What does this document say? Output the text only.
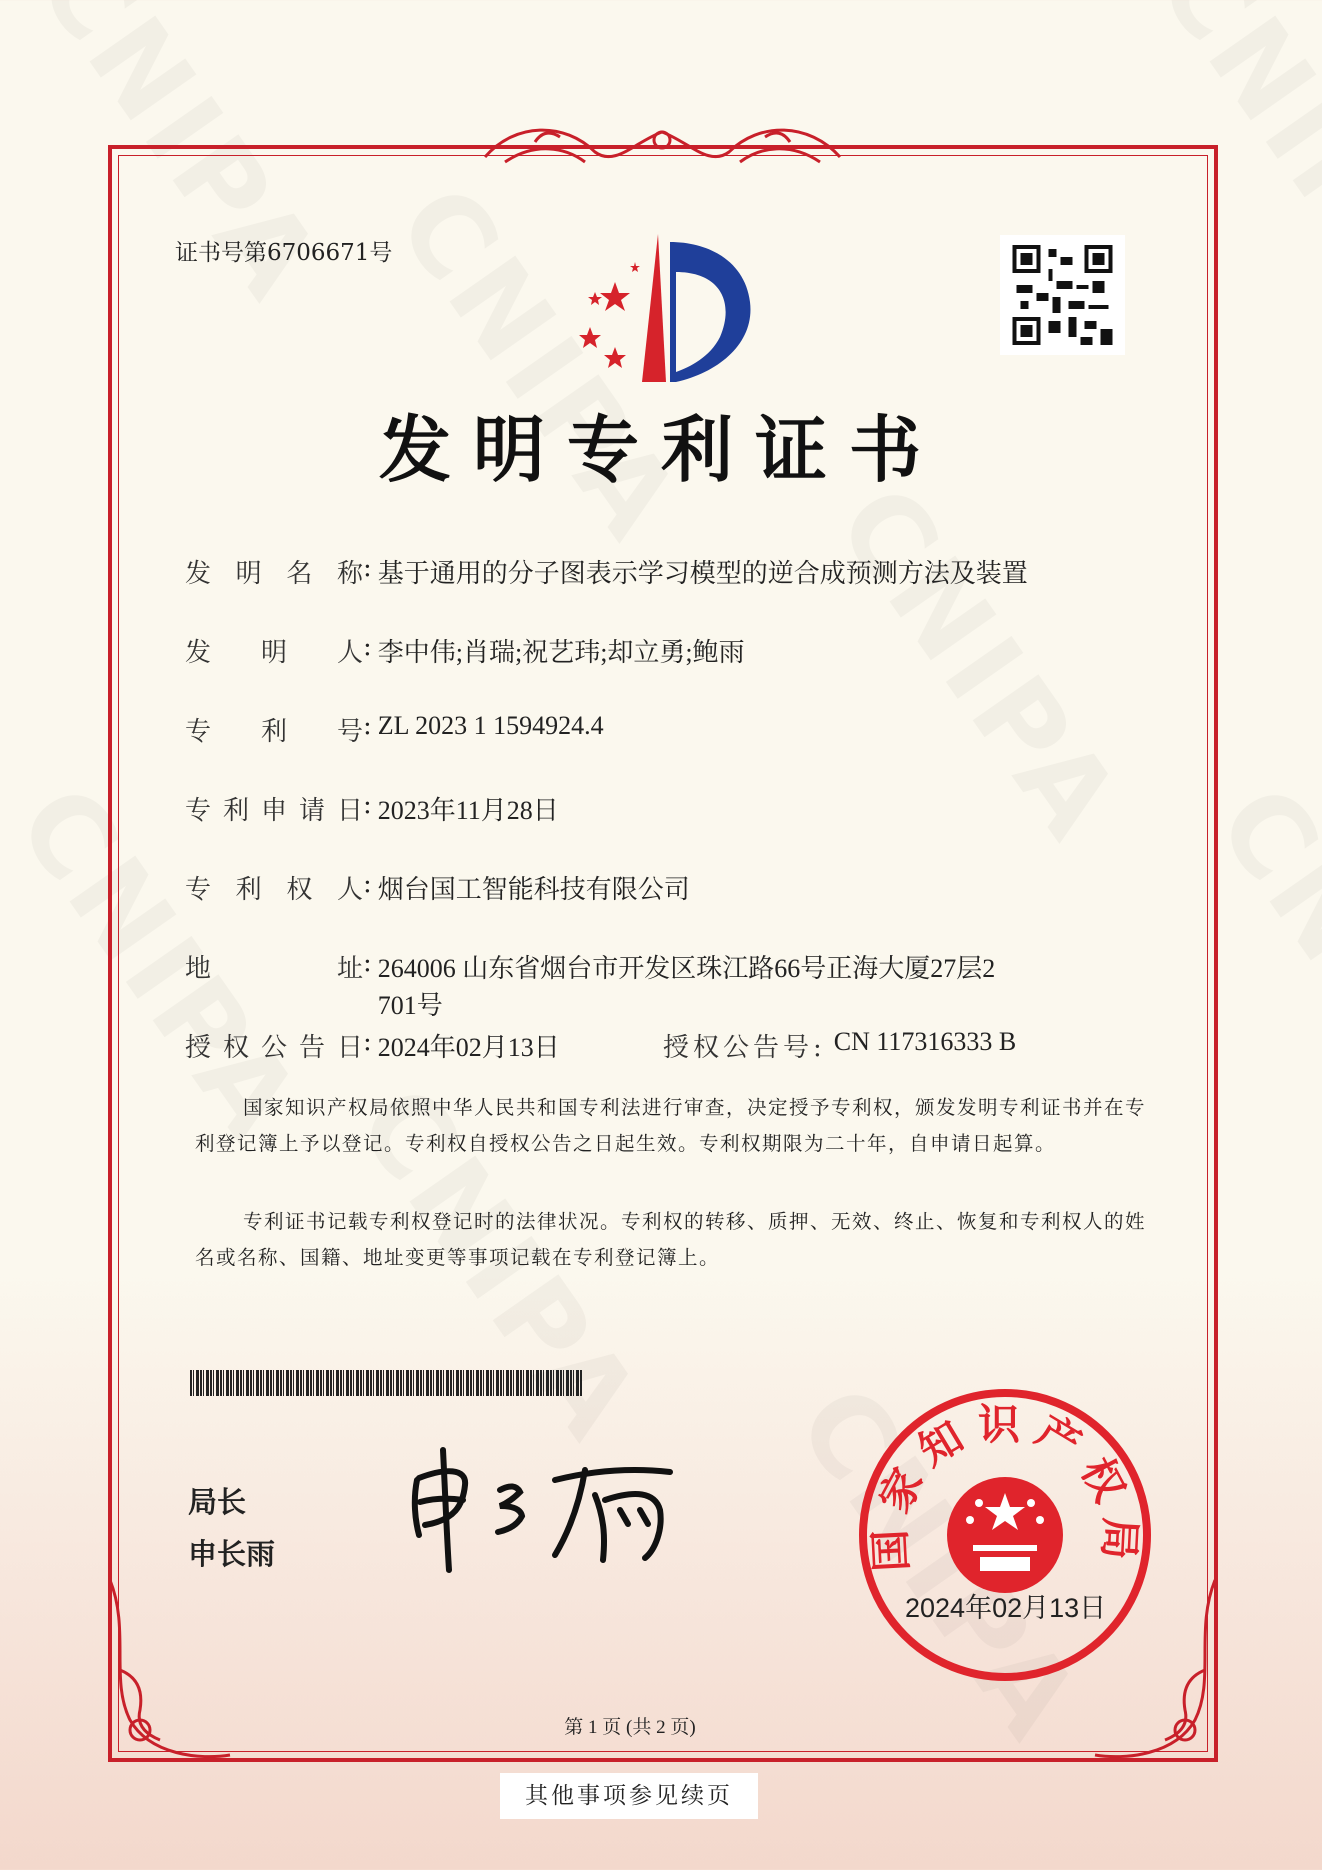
证书号第6706671号
发明专利证书
发 明 名 称 : 基于通用的分子图表示学习模型的逆合成预测方法及装置
发 明 人 : 李中伟;肖瑞;祝艺玮;却立勇;鲍雨
专 利 号 : ZL 2023 1 1594924.4
专 利 申 请 日 : 2023年11月28日
专 利 权 人 : 烟台国工智能科技有限公司
地	址 : 264006 山东省烟台市开发区珠江路66号正海大厦27层2
701号
授 权 公 告 日 : 2024年02月13日	授权公告号: CN 117316333 B
国家知识产权局依照中华人民共和国专利法进行审查，决定授予专利权，颁发发明专利证书并在专利登记簿上予以登记。专利权自授权公告之日起生效。专利权期限为二十年，自申请日起算。
专利证书记载专利权登记时的法律状况。专利权的转移、质押、无效、终止、恢复和专利权人的姓名或名称、国籍、地址变更等事项记载在专利登记簿上。
局长
申长雨	国家知识产权局
2024年02月13日
第 1 页 (共 2 页)
其他事项参见续页
